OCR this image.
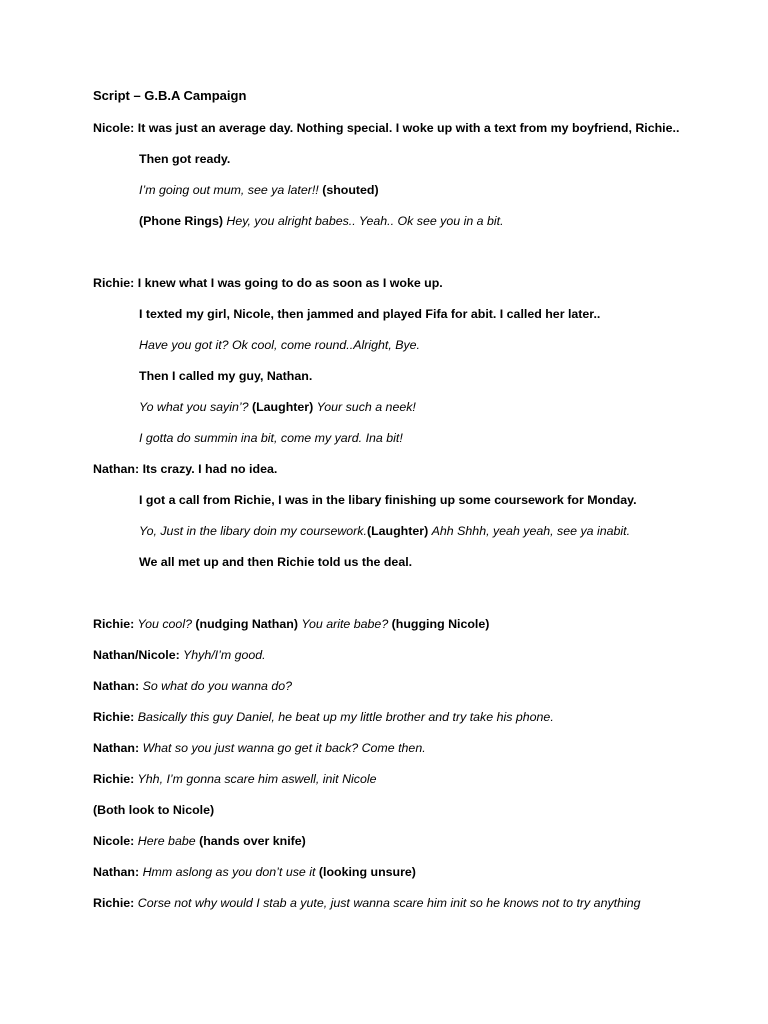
Script – G.B.A Campaign
Nicole: It was just an average day. Nothing special. I woke up with a text from my boyfriend, Richie..
Then got ready.
I’m going out mum, see ya later!! (shouted)
(Phone Rings) Hey, you alright babes.. Yeah.. Ok see you in a bit.
Richie: I knew what I was going to do as soon as I woke up.
I texted my girl, Nicole, then jammed and played Fifa for abit. I called her later..
Have you got it? Ok cool, come round..Alright, Bye.
Then I called my guy, Nathan.
Yo what you sayin’? (Laughter) Your such a neek!
I gotta do summin ina bit, come my yard. Ina bit!
Nathan: Its crazy. I had no idea.
I got a call from Richie, I was in the libary finishing up some coursework for Monday.
Yo, Just in the libary doin my coursework.(Laughter) Ahh Shhh, yeah yeah, see ya inabit.
We all met up and then Richie told us the deal.
Richie: You cool? (nudging Nathan) You arite babe? (hugging Nicole)
Nathan/Nicole: Yhyh/I’m good.
Nathan: So what do you wanna do?
Richie: Basically this guy Daniel, he beat up my little brother and try take his phone.
Nathan: What so you just wanna go get it back? Come then.
Richie: Yhh, I’m gonna scare him aswell, init Nicole
(Both look to Nicole)
Nicole: Here babe (hands over knife)
Nathan: Hmm aslong as you don’t use it (looking unsure)
Richie: Corse not why would I stab a yute, just wanna scare him init so he knows not to try anything
